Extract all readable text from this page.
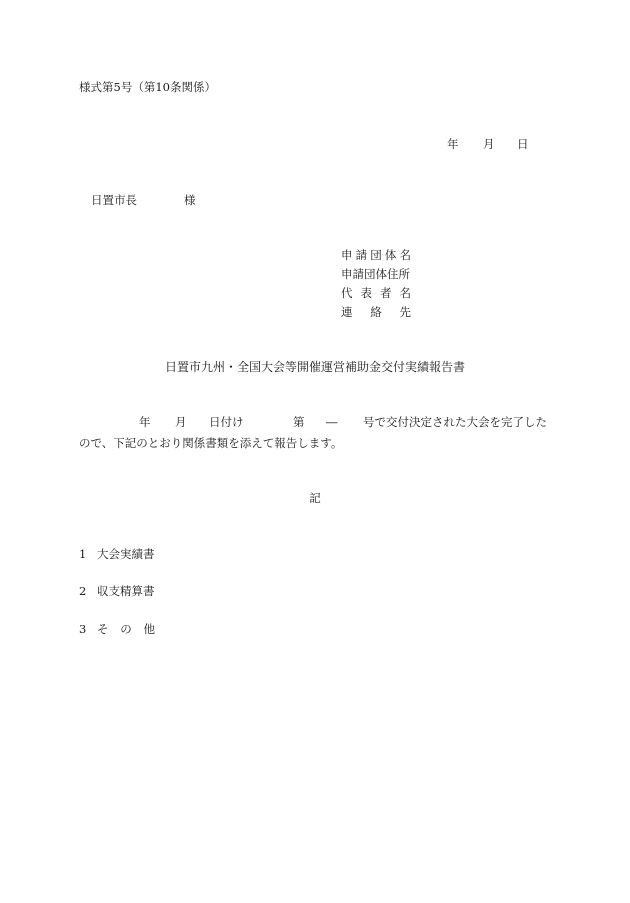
様式第5号（第10条関係）
年 月 日
日置市長	様
申 請 団 体 名
申請団体住所
代 表 者 名
連 絡 先
日置市九州・全国大会等開催運営補助金交付実績報告書
年 月 日付け	第 ― 号で交付決定された大会を完了した
ので、下記のとおり関係書類を添えて報告します。
記
1 大会実績書
2 収支精算書
3 そ の 他
